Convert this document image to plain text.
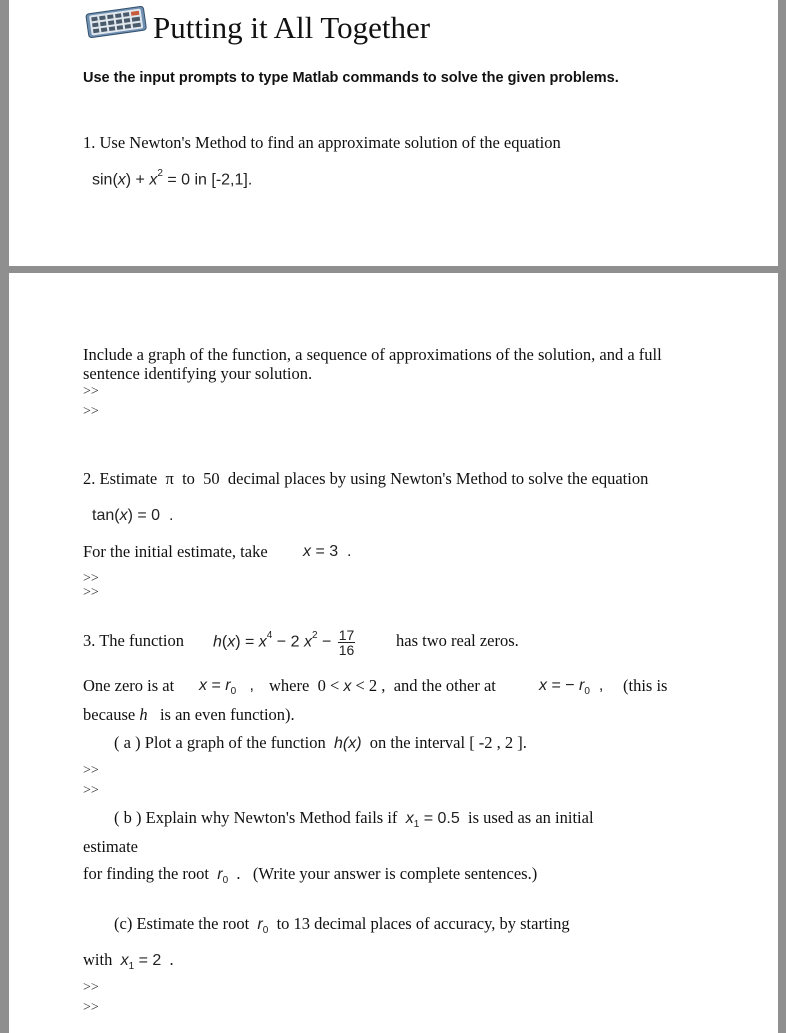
Putting it All Together
Use the input prompts to type Matlab commands to solve the given problems.
1. Use Newton's Method to find an approximate solution of the equation
$\sin(x) + x^2 = 0$ in [-2,1].
Include a graph of the function, a sequence of approximations of the solution, and a full
sentence identifying your solution.
>>
>>
2. Estimate π to 50 decimal places by using Newton's Method to solve the equation
tan(x) = 0 .
For the initial estimate, take x = 3 .
>>
>>
3. The function $h(x) = x^4 - 2$ $x^2 - \frac{17}{16}$ has two real zeros.
One zero is at $x = r_0$ , where 0 < x < 2 , and the other at	x = − $r_0$ , (this is
because h is an even function).
( a ) Plot a graph of the function h(x) on the interval [ -2 , 2 ].
>>
>>
( b ) Explain why Newton's Method fails if $x_1 = 0.5$ is used as an initial
estimate
for finding the root $r_0$ . (Write your answer is complete sentences.)
(c) Estimate the root $r_0$ to 13 decimal places of accuracy, by starting
with $x_1 = 2$ .
>>
>>
